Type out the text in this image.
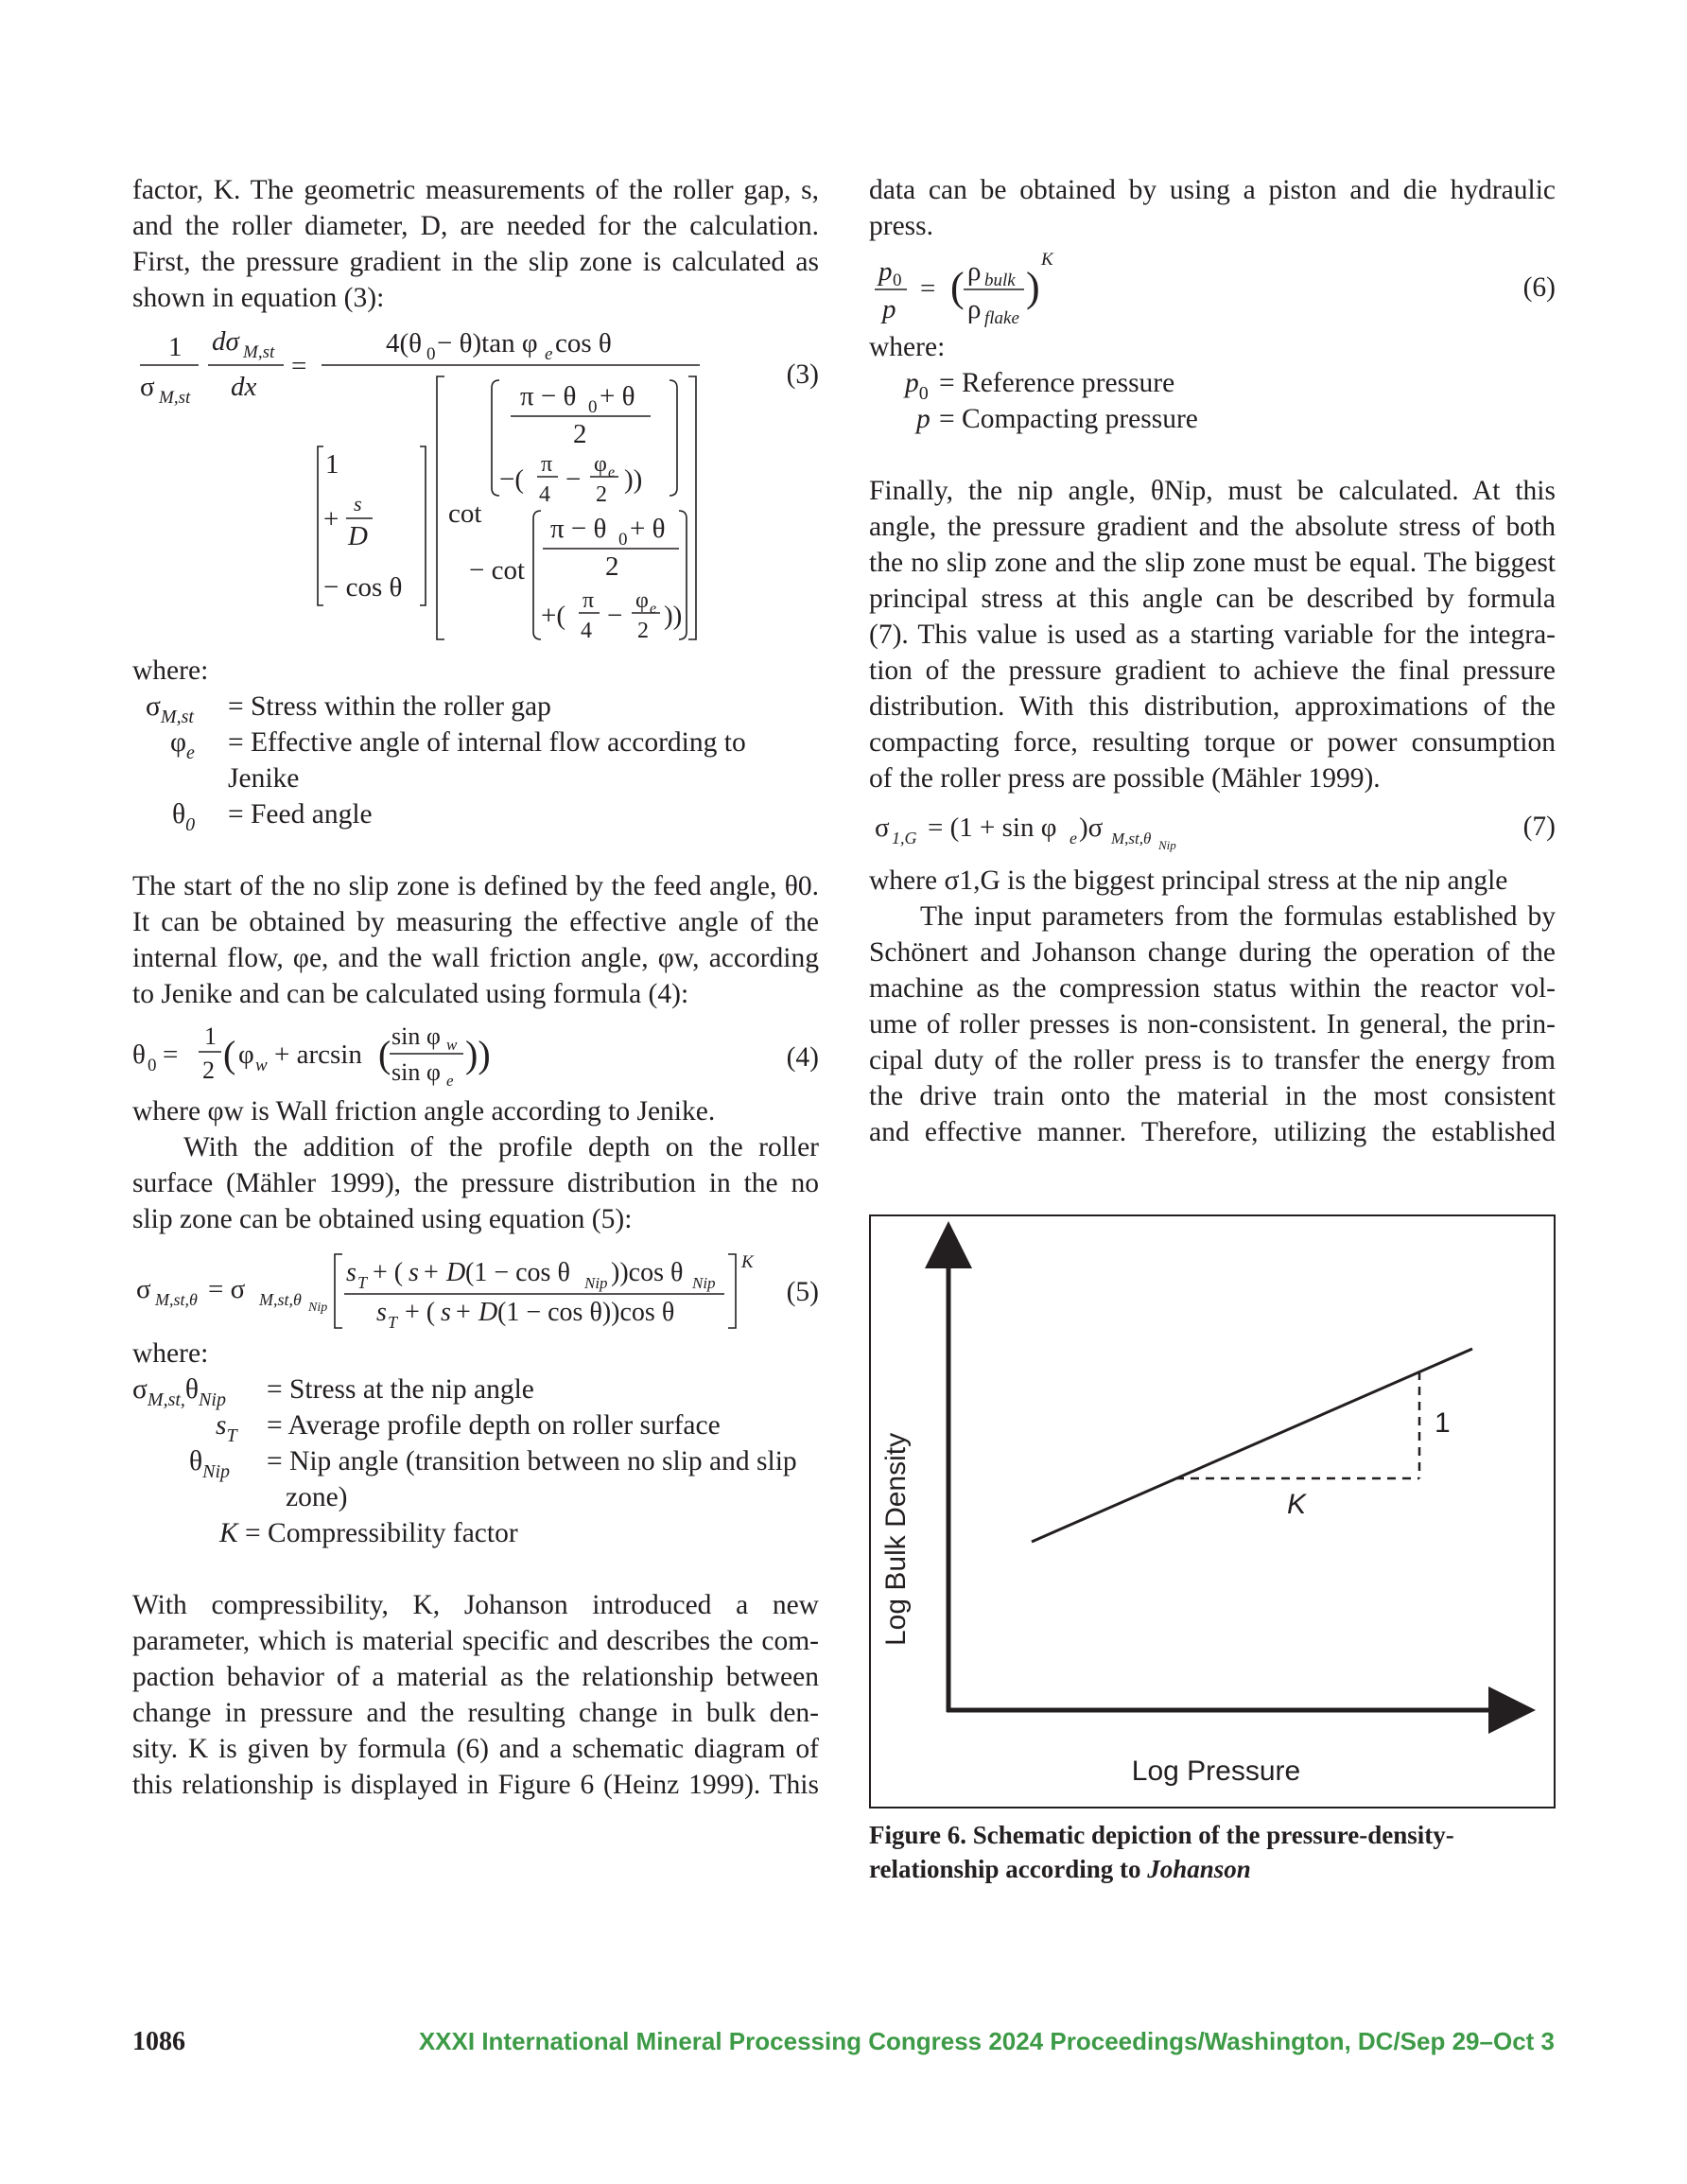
factor, K. The geometric measurements of the roller gap, s,
and the roller diameter, D, are needed for the calculation.
First, the pressure gradient in the slip zone is calculated as
shown in equation (3):
1
σ M,st
dσ M,st
dx
=
4(θ 0 − θ)tan φ e cos θ
1
+
s
D
− cos θ
cot
π − θ 0 + θ
2
−( π
4 − φ e
2 ))
− cot
π − θ 0 + θ
2
+( π
4 − φ e
2 ))
(3)
where:
$\sigma_{M,st}$ = Stress within the roller gap
$\varphi_e$ = Effective angle of internal flow according to
Jenike
$\theta_0$ = Feed angle
The start of the no slip zone is defined by the feed angle, θ0.
It can be obtained by measuring the effective angle of the
internal flow, φe, and the wall friction angle, φw, according
to Jenike and can be calculated using formula (4):
θ 0 =
1
2 ( φ w + arcsin ( sin φ w
sin φ e
))	(4)
where φw is Wall friction angle according to Jenike.
With the addition of the profile depth on the roller
surface (Mähler 1999), the pressure distribution in the no
slip zone can be obtained using equation (5):
σ M,st,θ = σ M,st,θ Nip
K
s T + ( s + D (1 − cos θ Nip ))cos θ Nip
s T + ( s + D (1 − cos θ))cos θ
(5)
where:
$\sigma_{M,st,}\theta_{Nip}$ = Stress at the nip angle
$s_T$ = Average profile depth on roller surface
$\theta_{Nip}$ = Nip angle (transition between no slip and slip
zone)
K = Compressibility factor
With compressibility, K, Johanson introduced a new
parameter, which is material specific and describes the com-
paction behavior of a material as the relationship between
change in pressure and the resulting change in bulk den-
sity. K is given by formula (6) and a schematic diagram of
this relationship is displayed in Figure 6 (Heinz 1999). This
data can be obtained by using a piston and die hydraulic
press.
p 0
p
= ( ρ bulk
ρ flake
)
K
(6)
where:
$p_0$ = Reference pressure
p = Compacting pressure
Finally, the nip angle, θNip, must be calculated. At this
angle, the pressure gradient and the absolute stress of both
the no slip zone and the slip zone must be equal. The biggest
principal stress at this angle can be described by formula
(7). This value is used as a starting variable for the integra-
tion of the pressure gradient to achieve the final pressure
distribution. With this distribution, approximations of the
compacting force, resulting torque or power consumption
of the roller press are possible (Mähler 1999).
σ 1,G = (1 + sin φ e )σ M,st,θ Nip
(7)
where σ1,G is the biggest principal stress at the nip angle
The input parameters from the formulas established by
Schönert and Johanson change during the operation of the
machine as the compression status within the reactor vol-
ume of roller presses is non-consistent. In general, the prin-
cipal duty of the roller press is to transfer the energy from
the drive train onto the material in the most consistent
and effective manner. Therefore, utilizing the established
Log Bulk Density
Log Pressure
1
K
Figure 6. Schematic depiction of the pressure-density-
relationship according to Johanson
1086	XXXI International Mineral Processing Congress 2024 Proceedings/Washington, DC/Sep 29–Oct 3
